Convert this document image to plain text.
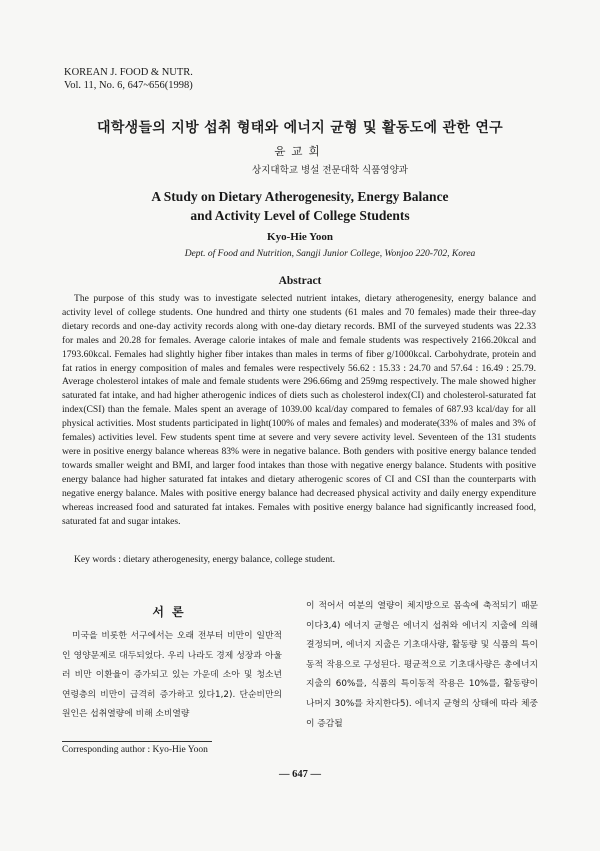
KOREAN J. FOOD & NUTR.
Vol. 11, No. 6, 647~656(1998)
대학생들의 지방 섭취 형태와 에너지 균형 및 활동도에 관한 연구
윤교희
상지대학교 병설 전문대학 식품영양과
A Study on Dietary Atherogenesity, Energy Balance
and Activity Level of College Students
Kyo-Hie Yoon
Dept. of Food and Nutrition, Sangji Junior College, Wonjoo 220-702, Korea
Abstract

The purpose of this study was to investigate selected nutrient intakes, dietary atherogenesity, energy balance and activity level of college students. One hundred and thirty one students (61 males and 70 females) made their three-day dietary records and one-day activity records along with one-day dietary records. BMI of the surveyed students was 22.33 for males and 20.28 for females. Average calorie intakes of male and female students was respectively 2166.20kcal and 1793.60kcal. Females had slightly higher fiber intakes than males in terms of fiber g/1000kcal. Carbohydrate, protein and fat ratios in energy composition of males and females were respectively 56.62 : 15.33 : 24.70 and 57.64 : 16.49 : 25.79. Average cholesterol intakes of male and female students were 296.66mg and 259mg respectively. The male showed higher saturated fat intake, and had higher atherogenic indices of diets such as cholesterol index(CI) and cholesterol-saturated fat index(CSI) than the female. Males spent an average of 1039.00 kcal/day compared to females of 687.93 kcal/day for all physical activities. Most students participated in light(100% of males and females) and moderate(33% of males and 3% of females) activities level. Few students spent time at severe and very severe activity level. Seventeen of the 131 students were in positive energy balance whereas 83% were in negative balance. Both genders with positive energy balance tended towards smaller weight and BMI, and larger food intakes than those with negative energy balance. Students with positive energy balance had higher saturated fat intakes and dietary atherogenic scores of CI and CSI than the counterparts with negative energy balance. Males with positive energy balance had decreased physical activity and daily energy expenditure whereas increased food and saturated fat intakes. Females with positive energy balance had significantly increased food, saturated fat and sugar intakes.

Key words : dietary atherogenesity, energy balance, college student.
서론

미국을 비롯한 서구에서는 오래 전부터 비만이 일반적인 영양문제로 대두되었다. 우리 나라도 경제 성장과 아울러 비만 이환율이 증가되고 있는 가운데 소아 및 청소년 연령층의 비만이 급격히 증가하고 있다1,2). 단순비만의 원인은 섭취열량에 비해 소비열량

이 적어서 여분의 열량이 체지방으로 몸속에 축적되기 때문이다3,4) 에너지 균형은 에너지 섭취와 에너지 지출에 의해 결정되며, 에너지 지출은 기초대사량, 활동량 및 식품의 특이동적 작용으로 구성된다. 평균적으로 기초대사량은 총에너지 지출의 60%를, 식품의 특이동적 작용은 10%를, 활동량이 나머지 30%를 차지한다5). 에너지 균형의 상태에 따라 체중이 증감될

Corresponding author : Kyo-Hie Yoon
— 647 —
